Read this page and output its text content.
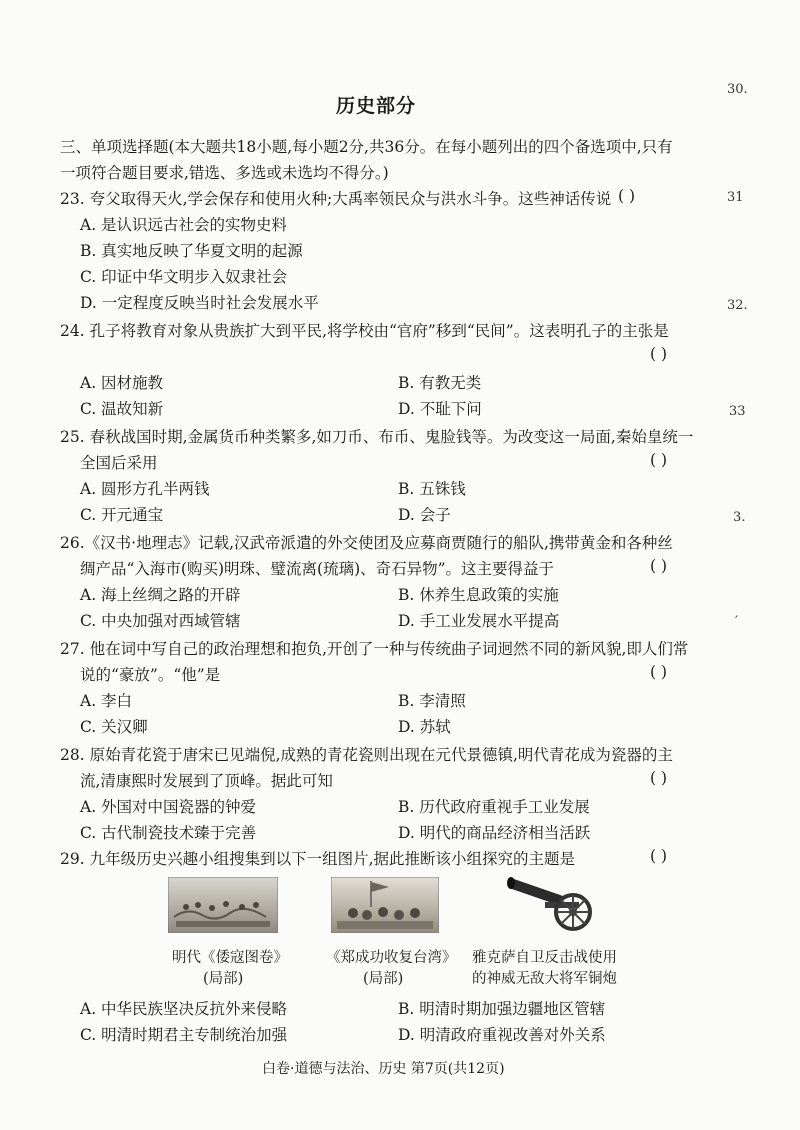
历史部分
30.
31
32.
33
3․
′
三、单项选择题(本大题共18小题,每小题2分,共36分。在每小题列出的四个备选项中,只有
一项符合题目要求,错选、多选或未选均不得分。)
23. 夸父取得天火,学会保存和使用火种;大禹率领民众与洪水斗争。这些神话传说 ( )
A. 是认识远古社会的实物史料
B. 真实地反映了华夏文明的起源
C. 印证中华文明步入奴隶社会
D. 一定程度反映当时社会发展水平
24. 孔子将教育对象从贵族扩大到平民,将学校由“官府”移到“民间”。这表明孔子的主张是
( )
A. 因材施教	B. 有教无类
C. 温故知新	D. 不耻下问
25. 春秋战国时期,金属货币种类繁多,如刀币、布币、鬼脸钱等。为改变这一局面,秦始皇统一
全国后采用	( )
A. 圆形方孔半两钱	B. 五铢钱
C. 开元通宝	D. 会子
26.《汉书·地理志》记载,汉武帝派遣的外交使团及应募商贾随行的船队,携带黄金和各种丝
绸产品“入海市(购买)明珠、璧流离(琉璃)、奇石异物”。这主要得益于	( )
A. 海上丝绸之路的开辟	B. 休养生息政策的实施
C. 中央加强对西域管辖	D. 手工业发展水平提高
27. 他在词中写自己的政治理想和抱负,开创了一种与传统曲子词迥然不同的新风貌,即人们常
说的“豪放”。“他”是	( )
A. 李白	B. 李清照
C. 关汉卿	D. 苏轼
28. 原始青花瓷于唐宋已见端倪,成熟的青花瓷则出现在元代景德镇,明代青花成为瓷器的主
流,清康熙时发展到了顶峰。据此可知	( )
A. 外国对中国瓷器的钟爱	B. 历代政府重视手工业发展
C. 古代制瓷技术臻于完善	D. 明代的商品经济相当活跃
29. 九年级历史兴趣小组搜集到以下一组图片,据此推断该小组探究的主题是	( )
明代《倭寇图卷》
(局部)
《郑成功收复台湾》
(局部)
雅克萨自卫反击战使用
的神威无敌大将军铜炮
A. 中华民族坚决反抗外来侵略	B. 明清时期加强边疆地区管辖
C. 明清时期君主专制统治加强	D. 明清政府重视改善对外关系
白卷·道德与法治、历史 第7页(共12页)
